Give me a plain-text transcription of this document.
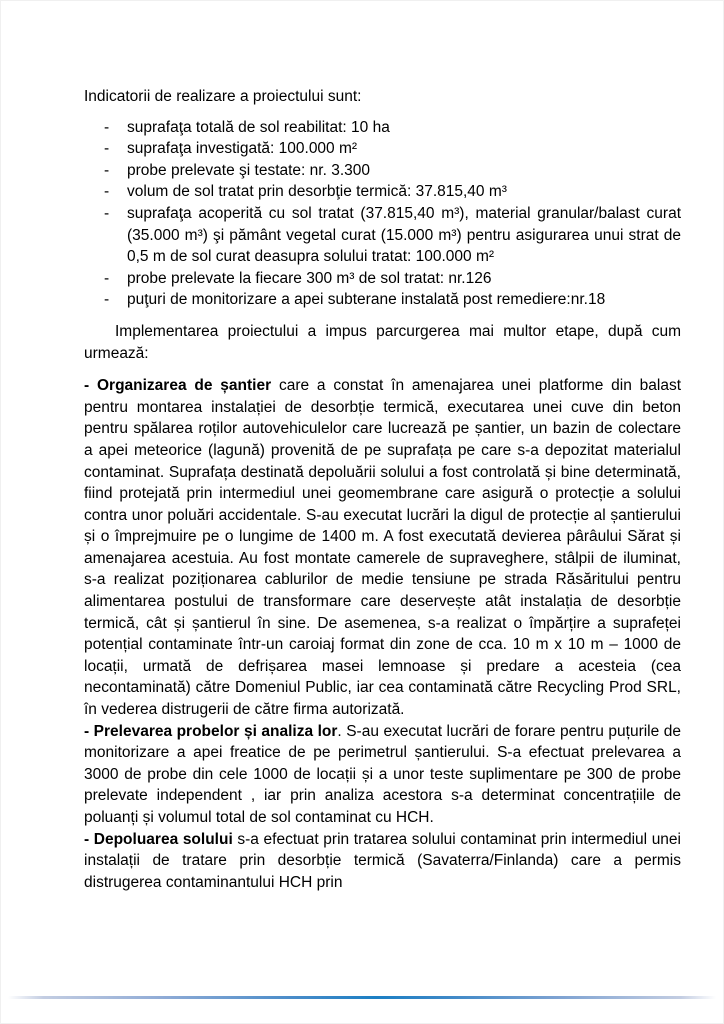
Indicatorii de realizare a proiectului sunt:

-	suprafaţa totală de sol reabilitat: 10 ha
-	suprafaţa investigată: 100.000 m²
-	probe prelevate şi testate: nr. 3.300
-	volum de sol tratat prin desorbţie termică: 37.815,40 m³
-	suprafaţa acoperită cu sol tratat (37.815,40 m³), material granular/balast curat (35.000 m³) şi pământ vegetal curat (15.000 m³) pentru asigurarea unui strat de 0,5 m de sol curat deasupra solului tratat: 100.000 m²
-	probe prelevate la fiecare 300 m³ de sol tratat: nr.126
-	puţuri de monitorizare a apei subterane instalată post remediere:nr.18

Implementarea proiectului a impus parcurgerea mai multor etape, după cum urmează:

- Organizarea de șantier care a constat în amenajarea unei platforme din balast pentru montarea instalației de desorbție termică, executarea unei cuve din beton pentru spălarea roților autovehiculelor care lucrează pe șantier, un bazin de colectare a apei meteorice (lagună) provenită de pe suprafața pe care s-a depozitat materialul contaminat. Suprafața destinată depoluării solului a fost controlată și bine determinată, fiind protejată prin intermediul unei geomembrane care asigură o protecție a solului contra unor poluări accidentale. S-au executat lucrări la digul de protecție al șantierului și o împrejmuire pe o lungime de 1400 m. A fost executată devierea pârâului Sărat și amenajarea acestuia. Au fost montate camerele de supraveghere, stâlpii de iluminat, s-a realizat poziționarea cablurilor de medie tensiune pe strada Răsăritului pentru alimentarea postului de transformare care deservește atât instalația de desorbție termică, cât și șantierul în sine. De asemenea, s-a realizat o împărțire a suprafeței potențial contaminate într-un caroiaj format din zone de cca. 10 m x 10 m – 1000 de locații, urmată de defrișarea masei lemnoase și predare a acesteia (cea necontaminată) către Domeniul Public, iar cea contaminată către Recycling Prod SRL, în vederea distrugerii de către firma autorizată.

- Prelevarea probelor și analiza lor. S-au executat lucrări de forare pentru puțurile de monitorizare a apei freatice de pe perimetrul șantierului. S-a efectuat prelevarea a 3000 de probe din cele 1000 de locații și a unor teste suplimentare pe 300 de probe prelevate independent , iar prin analiza acestora s-a determinat concentrațiile de poluanți și volumul total de sol contaminat cu HCH.

- Depoluarea solului s-a efectuat prin tratarea solului contaminat prin intermediul unei instalații de tratare prin desorbție termică (Savaterra/Finlanda) care a permis distrugerea contaminantului HCH prin
